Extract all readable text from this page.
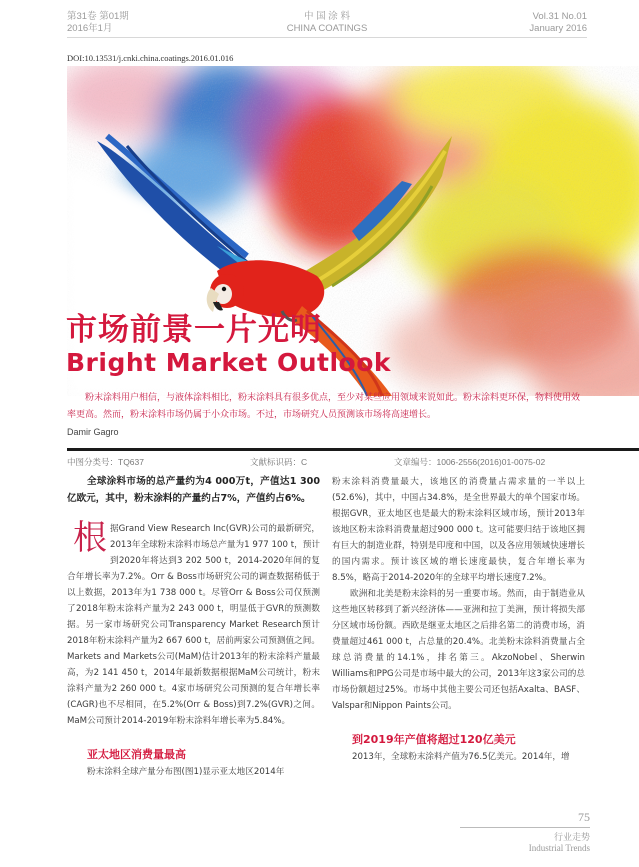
第31卷 第01期
2016年1月
中 国 涂 料
CHINA COATINGS
Vol.31 No.01
January 2016
DOI:10.13531/j.cnki.china.coatings.2016.01.016
市场前景一片光明
Bright Market Outlook

粉末涂料用户相信，与液体涂料相比，粉末涂料具有很多优点，至少对某些应用领域来说如此。粉末涂料更环保，物料使用效率更高。然而，粉末涂料市场仍属于小众市场。不过，市场研究人员预测该市场将高速增长。

Damir Gagro
中图分类号：TQ637	文献标识码：C	文章编号：1006-2556(2016)01-0075-02

全球涂料市场的总产量约为4 000万t，产值达1 300亿欧元，其中，粉末涂料的产量约占7%，产值约占6%。

根据Grand View Research Inc(GVR)公司的最新研究，2013年全球粉末涂料市场总产量为1 977 100 t，预计到2020年将达到3 202 500 t，2014-2020年间的复合年增长率为7.2%。Orr & Boss市场研究公司的调查数据稍低于以上数据，2013年为1 738 000 t。尽管Orr & Boss公司仅预测了2018年粉末涂料产量为2 243 000 t，明显低于GVR的预测数据。另一家市场研究公司Transparency Market Research预计2018年粉末涂料产量为2 667 600 t，居前两家公司预测值之间。Markets and Markets公司(MaM)估计2013年的粉末涂料产量最高，为2 141 450 t，2014年最新数据根据MaM公司统计，粉末涂料产量为2 260 000 t。4家市场研究公司预测的复合年增长率(CAGR)也不尽相同，在5.2%(Orr & Boss)到7.2%(GVR)之间。MaM公司预计2014-2019年粉末涂料年增长率为5.84%。

亚太地区消费量最高

粉末涂料全球产量分布图(图1)显示亚太地区2014年

粉末涂料消费量最大，该地区的消费量占需求量的一半以上(52.6%)，其中，中国占34.8%，是全世界最大的单个国家市场。根据GVR，亚太地区也是最大的粉末涂料区域市场，预计2013年该地区粉末涂料消费量超过900 000 t。这可能要归结于该地区拥有巨大的制造业群，特别是印度和中国，以及各应用领域快速增长的国内需求。预计该区域的增长速度最快，复合年增长率为8.5%，略高于2014-2020年的全球平均增长速度7.2%。

欧洲和北美是粉末涂料的另一重要市场。然而，由于制造业从这些地区转移到了新兴经济体——亚洲和拉丁美洲，预计将损失部分区域市场份额。西欧是继亚太地区之后排名第二的消费市场，消费量超过461 000 t，占总量的20.4%。北美粉末涂料消费量占全球总消费量的14.1%，排名第三。AkzoNobel、Sherwin Williams和PPG公司是市场中最大的公司，2013年这3家公司的总市场份额超过25%。市场中其他主要公司还包括Axalta、BASF、Valspar和Nippon Paints公司。

到2019年产值将超过120亿美元

2013年，全球粉末涂料产值为76.5亿美元。2014年，增

75
行业走势
Industrial Trends
